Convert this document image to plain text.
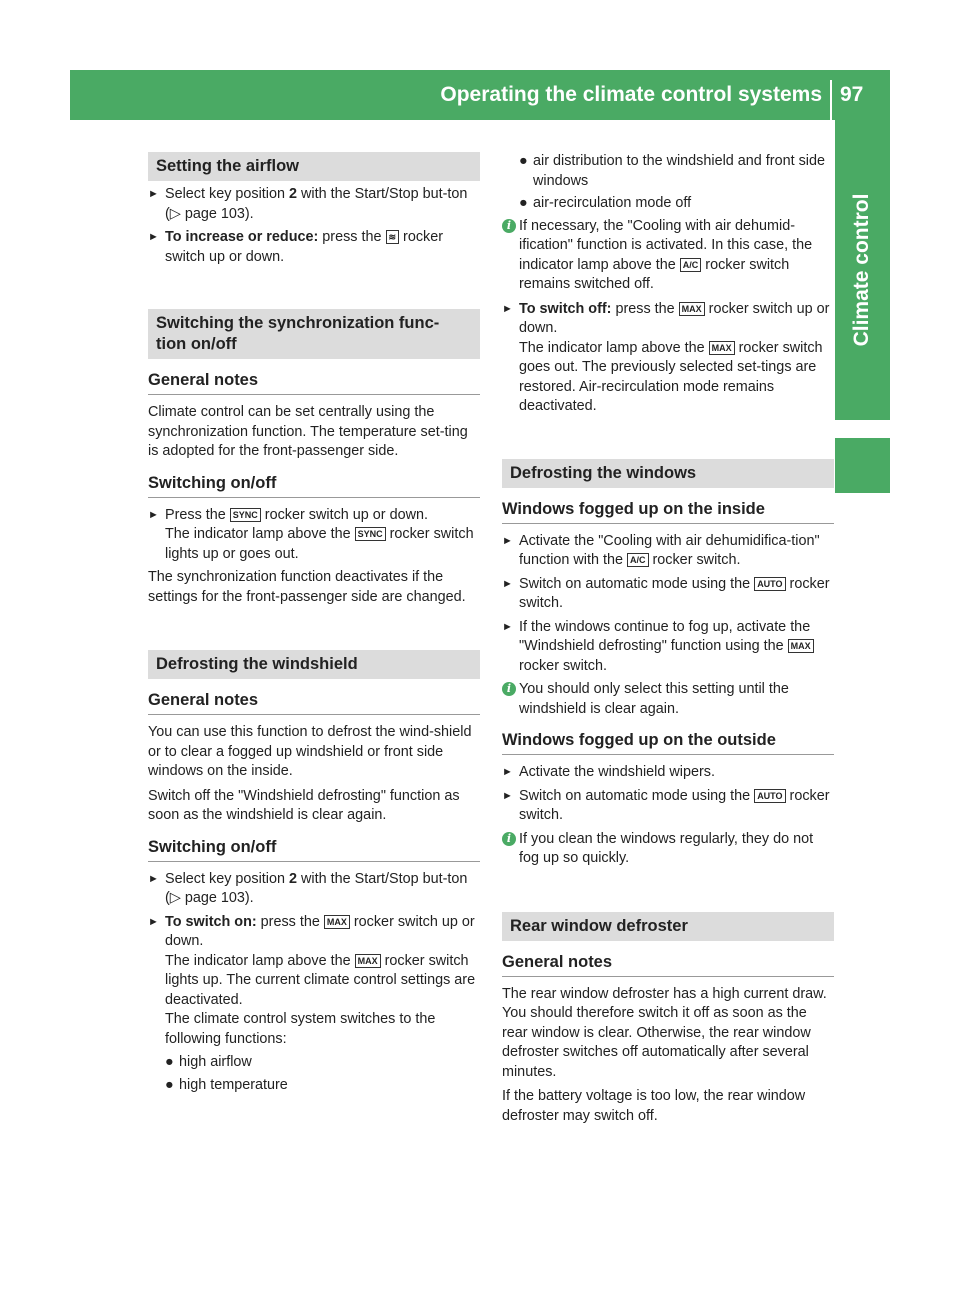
Operating the climate control systems 97
Climate control
Setting the airflow
► Select key position 2 with the Start/Stop but-ton (▷ page 103).
► To increase or reduce: press the ≋ rocker switch up or down.
Switching the synchronization func-
tion on/off
General notes

Climate control can be set centrally using the synchronization function. The temperature set-ting is adopted for the front-passenger side.

Switching on/off
► Press the SYNC rocker switch up or down.
The indicator lamp above the SYNC rocker switch lights up or goes out.

The synchronization function deactivates if the settings for the front-passenger side are changed.

Defrosting the windshield
General notes

You can use this function to defrost the wind-shield or to clear a fogged up windshield or front side windows on the inside.

Switch off the "Windshield defrosting" function as soon as the windshield is clear again.

Switching on/off
► Select key position 2 with the Start/Stop but-ton (▷ page 103).
► To switch on: press the MAX rocker switch up or down.
The indicator lamp above the MAX rocker switch lights up. The current climate control settings are deactivated.
The climate control system switches to the following functions:
● high airflow
● high temperature
● air distribution to the windshield and front side windows
● air-recirculation mode off
i If necessary, the "Cooling with air dehumid-ification" function is activated. In this case, the indicator lamp above the A/C rocker switch remains switched off.
► To switch off: press the MAX rocker switch up or down.
The indicator lamp above the MAX rocker switch goes out. The previously selected set-tings are restored. Air-recirculation mode remains deactivated.
Defrosting the windows
Windows fogged up on the inside
► Activate the "Cooling with air dehumidifica-tion" function with the A/C rocker switch.
► Switch on automatic mode using the AUTO rocker switch.
► If the windows continue to fog up, activate the "Windshield defrosting" function using the MAX rocker switch.
i You should only select this setting until the windshield is clear again.
Windows fogged up on the outside
► Activate the windshield wipers.
► Switch on automatic mode using the AUTO rocker switch.
i If you clean the windows regularly, they do not fog up so quickly.
Rear window defroster
General notes

The rear window defroster has a high current draw. You should therefore switch it off as soon as the rear window is clear. Otherwise, the rear window defroster switches off automatically after several minutes.

If the battery voltage is too low, the rear window defroster may switch off.
